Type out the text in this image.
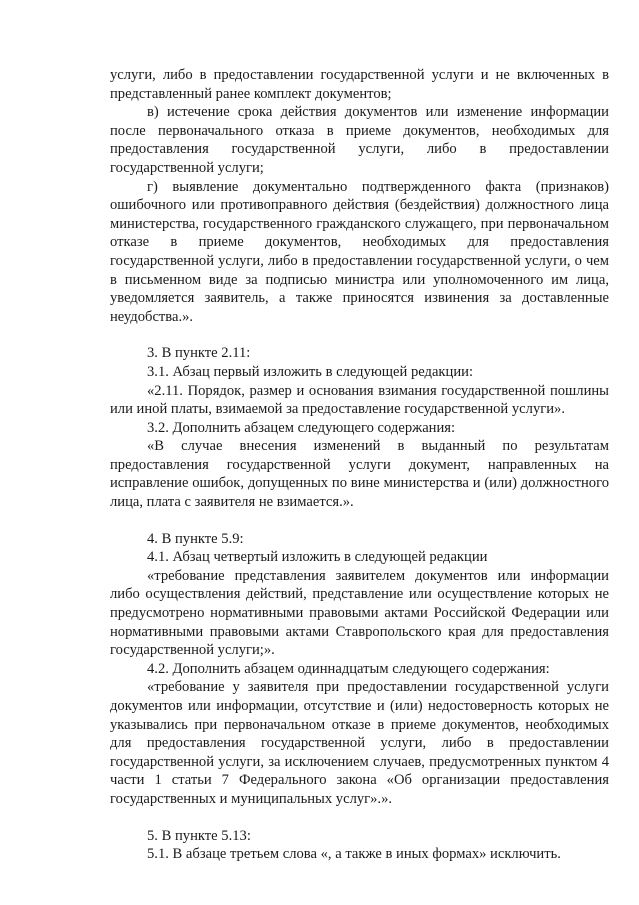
услуги, либо в предоставлении государственной услуги и не включенных в представленный ранее комплект документов;

в) истечение срока действия документов или изменение информации после первоначального отказа в приеме документов, необходимых для предоставления государственной услуги, либо в предоставлении государственной услуги;

г) выявление документально подтвержденного факта (признаков) ошибочного или противоправного действия (бездействия) должностного лица министерства, государственного гражданского служащего, при первоначальном отказе в приеме документов, необходимых для предоставления государственной услуги, либо в предоставлении государственной услуги, о чем в письменном виде за подписью министра или уполномоченного им лица, уведомляется заявитель, а также приносятся извинения за доставленные неудобства.».

3. В пункте 2.11:

3.1. Абзац первый изложить в следующей редакции:

«2.11. Порядок, размер и основания взимания государственной пошлины или иной платы, взимаемой за предоставление государственной услуги».

3.2. Дополнить абзацем следующего содержания:

«В случае внесения изменений в выданный по результатам предоставления государственной услуги документ, направленных на исправление ошибок, допущенных по вине министерства и (или) должностного лица, плата с заявителя не взимается.».

4. В пункте 5.9:

4.1. Абзац четвертый изложить в следующей редакции

«требование представления заявителем документов или информации либо осуществления действий, представление или осуществление которых не предусмотрено нормативными правовыми актами Российской Федерации или нормативными правовыми актами Ставропольского края для предоставления государственной услуги;».

4.2. Дополнить абзацем одиннадцатым следующего содержания:

«требование у заявителя при предоставлении государственной услуги документов или информации, отсутствие и (или) недостоверность которых не указывались при первоначальном отказе в приеме документов, необходимых для предоставления государственной услуги, либо в предоставлении государственной услуги, за исключением случаев, предусмотренных пунктом 4 части 1 статьи 7 Федерального закона «Об организации предоставления государственных и муниципальных услуг».».

5. В пункте 5.13:

5.1. В абзаце третьем слова «, а также в иных формах» исключить.
